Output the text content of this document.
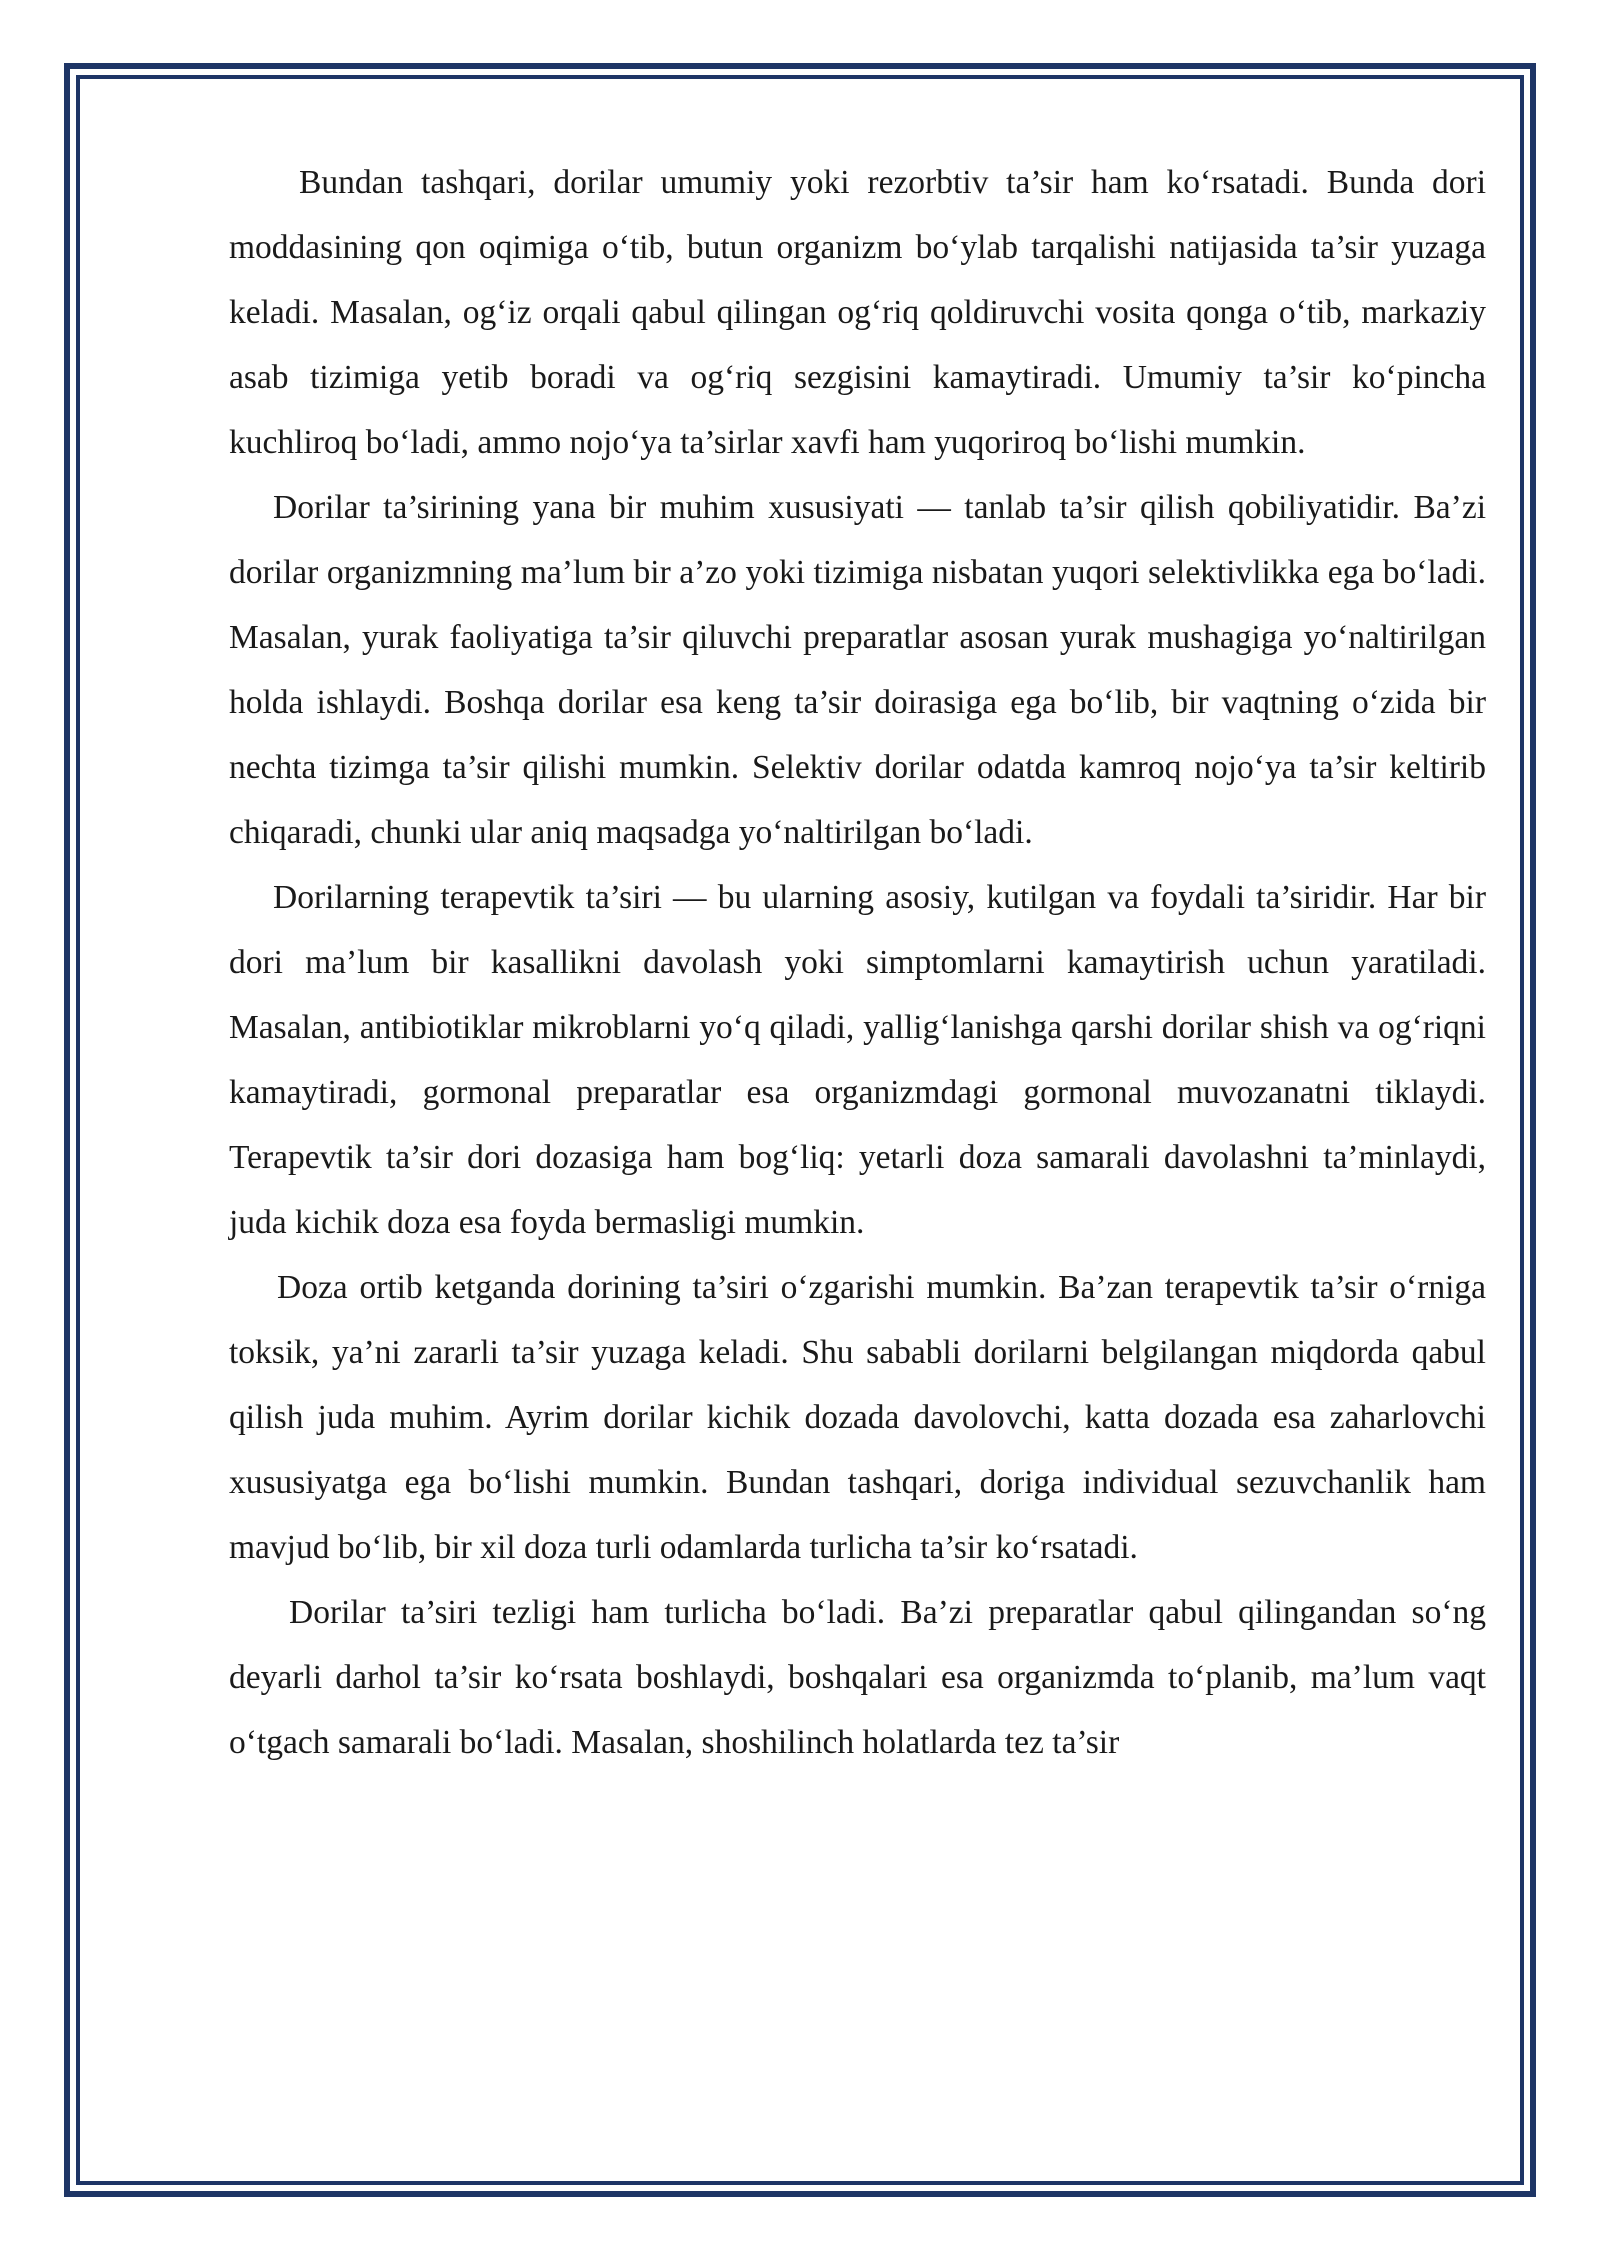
Bundan tashqari, dorilar umumiy yoki rezorbtiv ta’sir ham ko‘rsatadi. Bunda dori moddasining qon oqimiga o‘tib, butun organizm bo‘ylab tarqalishi natijasida ta’sir yuzaga keladi. Masalan, og‘iz orqali qabul qilingan og‘riq qoldiruvchi vosita qonga o‘tib, markaziy asab tizimiga yetib boradi va og‘riq sezgisini kamaytiradi. Umumiy ta’sir ko‘pincha kuchliroq bo‘ladi, ammo nojo‘ya ta’sirlar xavfi ham yuqoriroq bo‘lishi mumkin.

Dorilar ta’sirining yana bir muhim xususiyati — tanlab ta’sir qilish qobiliyatidir. Ba’zi dorilar organizmning ma’lum bir a’zo yoki tizimiga nisbatan yuqori selektivlikka ega bo‘ladi. Masalan, yurak faoliyatiga ta’sir qiluvchi preparatlar asosan yurak mushagiga yo‘naltirilgan holda ishlaydi. Boshqa dorilar esa keng ta’sir doirasiga ega bo‘lib, bir vaqtning o‘zida bir nechta tizimga ta’sir qilishi mumkin. Selektiv dorilar odatda kamroq nojo‘ya ta’sir keltirib chiqaradi, chunki ular aniq maqsadga yo‘naltirilgan bo‘ladi.

Dorilarning terapevtik ta’siri — bu ularning asosiy, kutilgan va foydali ta’siridir. Har bir dori ma’lum bir kasallikni davolash yoki simptomlarni kamaytirish uchun yaratiladi. Masalan, antibiotiklar mikroblarni yo‘q qiladi, yallig‘lanishga qarshi dorilar shish va og‘riqni kamaytiradi, gormonal preparatlar esa organizmdagi gormonal muvozanatni tiklaydi. Terapevtik ta’sir dori dozasiga ham bog‘liq: yetarli doza samarali davolashni ta’minlaydi, juda kichik doza esa foyda bermasligi mumkin.

Doza ortib ketganda dorining ta’siri o‘zgarishi mumkin. Ba’zan terapevtik ta’sir o‘rniga toksik, ya’ni zararli ta’sir yuzaga keladi. Shu sababli dorilarni belgilangan miqdorda qabul qilish juda muhim. Ayrim dorilar kichik dozada davolovchi, katta dozada esa zaharlovchi xususiyatga ega bo‘lishi mumkin. Bundan tashqari, doriga individual sezuvchanlik ham mavjud bo‘lib, bir xil doza turli odamlarda turlicha ta’sir ko‘rsatadi.

Dorilar ta’siri tezligi ham turlicha bo‘ladi. Ba’zi preparatlar qabul qilingandan so‘ng deyarli darhol ta’sir ko‘rsata boshlaydi, boshqalari esa organizmda to‘planib, ma’lum vaqt o‘tgach samarali bo‘ladi. Masalan, shoshilinch holatlarda tez ta’sir
